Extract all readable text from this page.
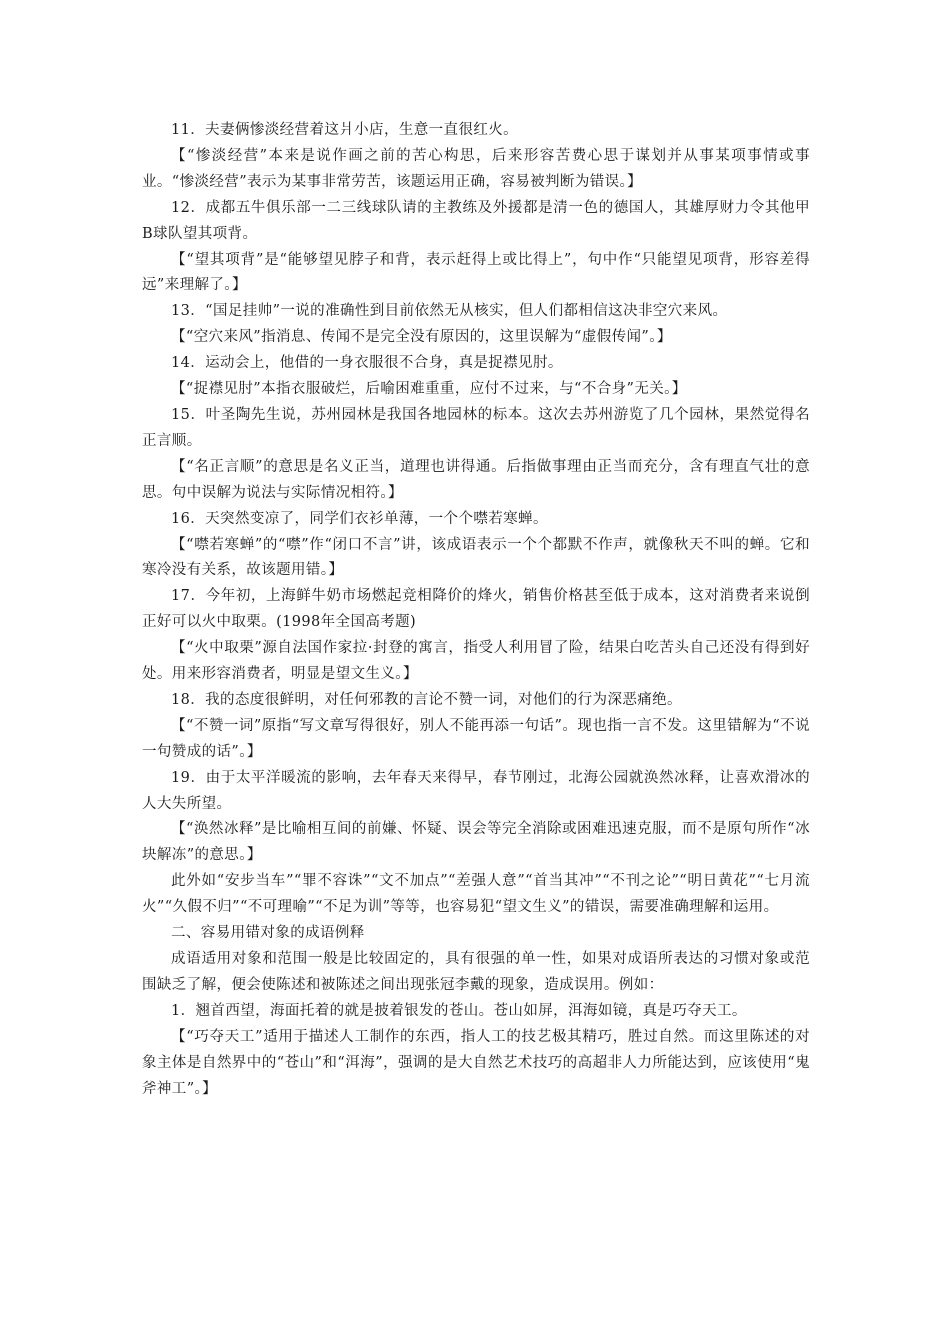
11．夫妻俩惨淡经营着这爿小店，生意一直很红火。

【“惨淡经营”本来是说作画之前的苦心构思，后来形容苦费心思于谋划并从事某项事情或事业。“惨淡经营”表示为某事非常劳苦，该题运用正确，容易被判断为错误。】

12．成都五牛俱乐部一二三线球队请的主教练及外援都是清一色的德国人，其雄厚财力令其他甲B球队望其项背。

【“望其项背”是“能够望见脖子和背，表示赶得上或比得上”，句中作“只能望见项背，形容差得远”来理解了。】

13．“国足挂帅”一说的准确性到目前依然无从核实，但人们都相信这决非空穴来风。

【“空穴来风”指消息、传闻不是完全没有原因的，这里误解为“虚假传闻”。】

14．运动会上，他借的一身衣服很不合身，真是捉襟见肘。

【“捉襟见肘”本指衣服破烂，后喻困难重重，应付不过来，与“不合身”无关。】

15．叶圣陶先生说，苏州园林是我国各地园林的标本。这次去苏州游览了几个园林，果然觉得名正言顺。

【“名正言顺”的意思是名义正当，道理也讲得通。后指做事理由正当而充分，含有理直气壮的意思。句中误解为说法与实际情况相符。】

16．天突然变凉了，同学们衣衫单薄，一个个噤若寒蝉。

【“噤若寒蝉”的“噤”作“闭口不言”讲，该成语表示一个个都默不作声，就像秋天不叫的蝉。它和寒冷没有关系，故该题用错。】

17．今年初，上海鲜牛奶市场燃起竞相降价的烽火，销售价格甚至低于成本，这对消费者来说倒正好可以火中取栗。(1998年全国高考题)

【“火中取栗”源自法国作家拉·封登的寓言，指受人利用冒了险，结果白吃苦头自己还没有得到好处。用来形容消费者，明显是望文生义。】

18．我的态度很鲜明，对任何邪教的言论不赞一词，对他们的行为深恶痛绝。

【“不赞一词”原指“写文章写得很好，别人不能再添一句话”。现也指一言不发。这里错解为“不说一句赞成的话”。】

19．由于太平洋暖流的影响，去年春天来得早，春节刚过，北海公园就涣然冰释，让喜欢滑冰的人大失所望。

【“涣然冰释”是比喻相互间的前嫌、怀疑、误会等完全消除或困难迅速克服，而不是原句所作“冰块解冻”的意思。】

此外如“安步当车”“罪不容诛”“文不加点”“差强人意”“首当其冲”“不刊之论”“明日黄花”“七月流火”“久假不归”“不可理喻”“不足为训”等等，也容易犯“望文生义”的错误，需要准确理解和运用。

二、容易用错对象的成语例释

成语适用对象和范围一般是比较固定的，具有很强的单一性，如果对成语所表达的习惯对象或范围缺乏了解，便会使陈述和被陈述之间出现张冠李戴的现象，造成误用。例如：

1．翘首西望，海面托着的就是披着银发的苍山。苍山如屏，洱海如镜，真是巧夺天工。

【“巧夺天工”适用于描述人工制作的东西，指人工的技艺极其精巧，胜过自然。而这里陈述的对象主体是自然界中的“苍山”和“洱海”，强调的是大自然艺术技巧的高超非人力所能达到，应该使用“鬼斧神工”。】
